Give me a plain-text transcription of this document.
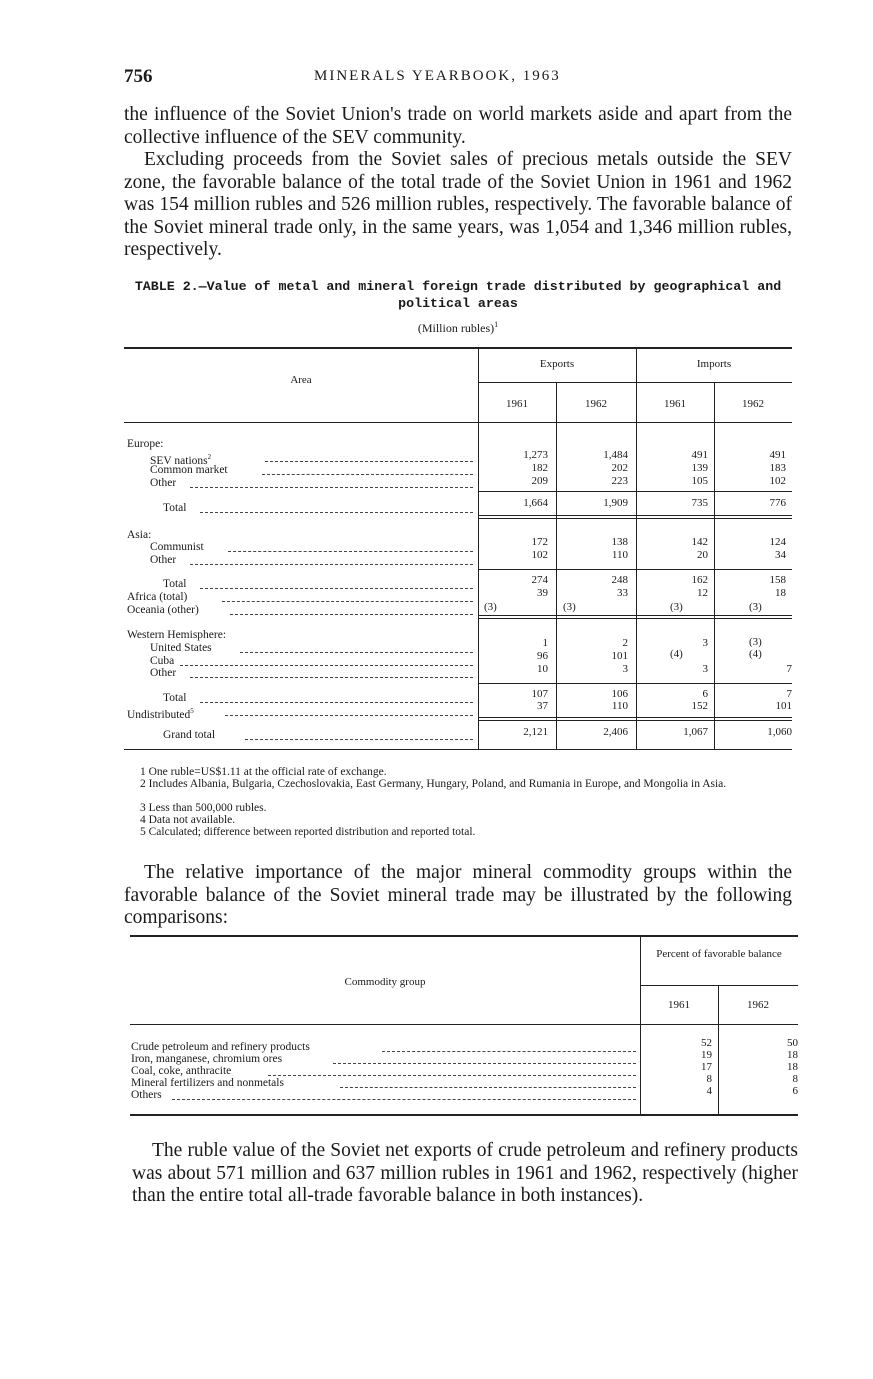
756	MINERALS YEARBOOK, 1963

the influence of the Soviet Union's trade on world markets aside and apart from the collective influence of the SEV community.

Excluding proceeds from the Soviet sales of precious metals outside the SEV zone, the favorable balance of the total trade of the Soviet Union in 1961 and 1962 was 154 million rubles and 526 million rubles, respectively. The favorable balance of the Soviet mineral trade only, in the same years, was 1,054 and 1,346 million rubles, respectively.

TABLE 2.—Value of metal and mineral foreign trade distributed by geographical and political areas
(Million rubles)$^1$
Area
Exports	Imports
1961	1962	1961	1962
Europe:
SEV nations$^2$	1,273	1,484	491	491
Common market	182	202	139	183
Other	209	223	105	102
Total	1,664	1,909	735	776
Asia:
Communist	172	138	142	124
Other	102	110	20	34
Total	274	248	162	158
Africa (total)	39	33	12	18
Oceania (other)	(3)	(3)	(3)	(3)
Western Hemisphere:
United States	1	2	3	(3)
Cuba	96	101	(4)	(4)
Other	10	3	3	7
Total	107	106	6	7
Undistributed$^5$	37	110	152	101
Grand total	2,121	2,406	1,067	1,060
1 One ruble=US$1.11 at the official rate of exchange.
2 Includes Albania, Bulgaria, Czechoslovakia, East Germany, Hungary, Poland, and Rumania in Europe, and Mongolia in Asia.
3 Less than 500,000 rubles.
4 Data not available.
5 Calculated; difference between reported distribution and reported total.

The relative importance of the major mineral commodity groups within the favorable balance of the Soviet mineral trade may be illustrated by the following comparisons:

Commodity group
Percent of favorable balance
1961	1962
Crude petroleum and refinery products	52	50
Iron, manganese, chromium ores	19	18
Coal, coke, anthracite	17	18
Mineral fertilizers and nonmetals	8	8
Others	4	6

The ruble value of the Soviet net exports of crude petroleum and refinery products was about 571 million and 637 million rubles in 1961 and 1962, respectively (higher than the entire total all-trade favorable balance in both instances).
